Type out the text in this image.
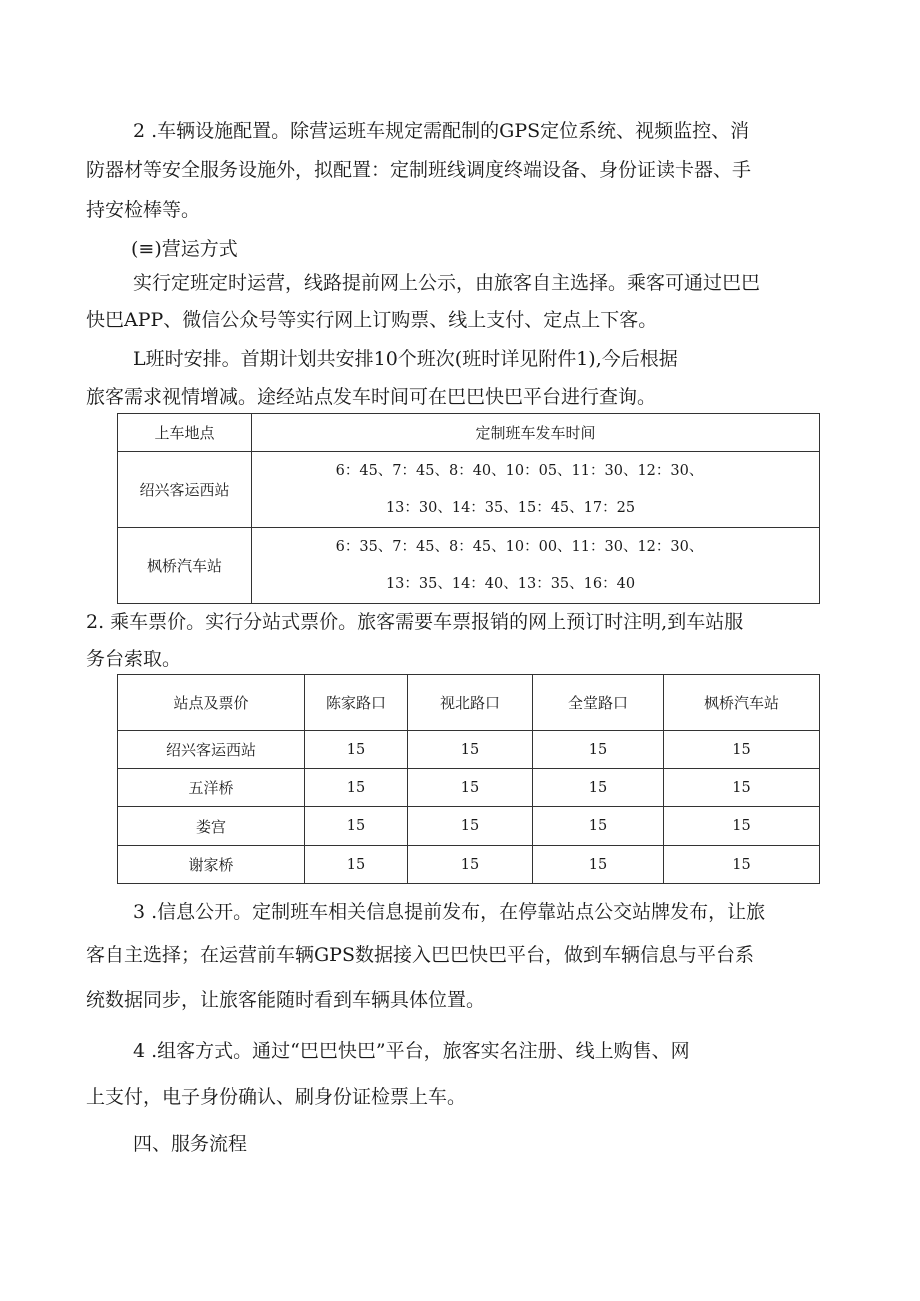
2 .车辆设施配置。除营运班车规定需配制的GPS定位系统、视频监控、消
防器材等安全服务设施外，拟配置：定制班线调度终端设备、身份证读卡器、手
持安检棒等。
(≡)营运方式
实行定班定时运营，线路提前网上公示，由旅客自主选择。乘客可通过巴巴
快巴APP、微信公众号等实行网上订购票、线上支付、定点上下客。
L班时安排。首期计划共安排10个班次(班时详见附件1),今后根据
旅客需求视情增减。途经站点发车时间可在巴巴快巴平台进行查询。
上车地点	定制班车发车时间
绍兴客运西站	6：45、7：45、8：40、10：05、11：30、12：30、
13：30、14：35、15：45、17：25

枫桥汽车站	6：35、7：45、8：45、10：00、11：30、12：30、
13：35、14：40、13：35、16：40
2. 乘车票价。实行分站式票价。旅客需要车票报销的网上预订时注明,到车站服
务台索取。
站点及票价	陈家路口	视北路口	全堂路口	枫桥汽车站
绍兴客运西站	15	15	15	15
五洋桥	15	15	15	15
娄宫	15	15	15	15
谢家桥	15	15	15	15
3 .信息公开。定制班车相关信息提前发布，在停靠站点公交站牌发布，让旅
客自主选择；在运营前车辆GPS数据接入巴巴快巴平台，做到车辆信息与平台系
统数据同步，让旅客能随时看到车辆具体位置。
4 .组客方式。通过“巴巴快巴”平台，旅客实名注册、线上购售、网
上支付，电子身份确认、刷身份证检票上车。
四、服务流程
